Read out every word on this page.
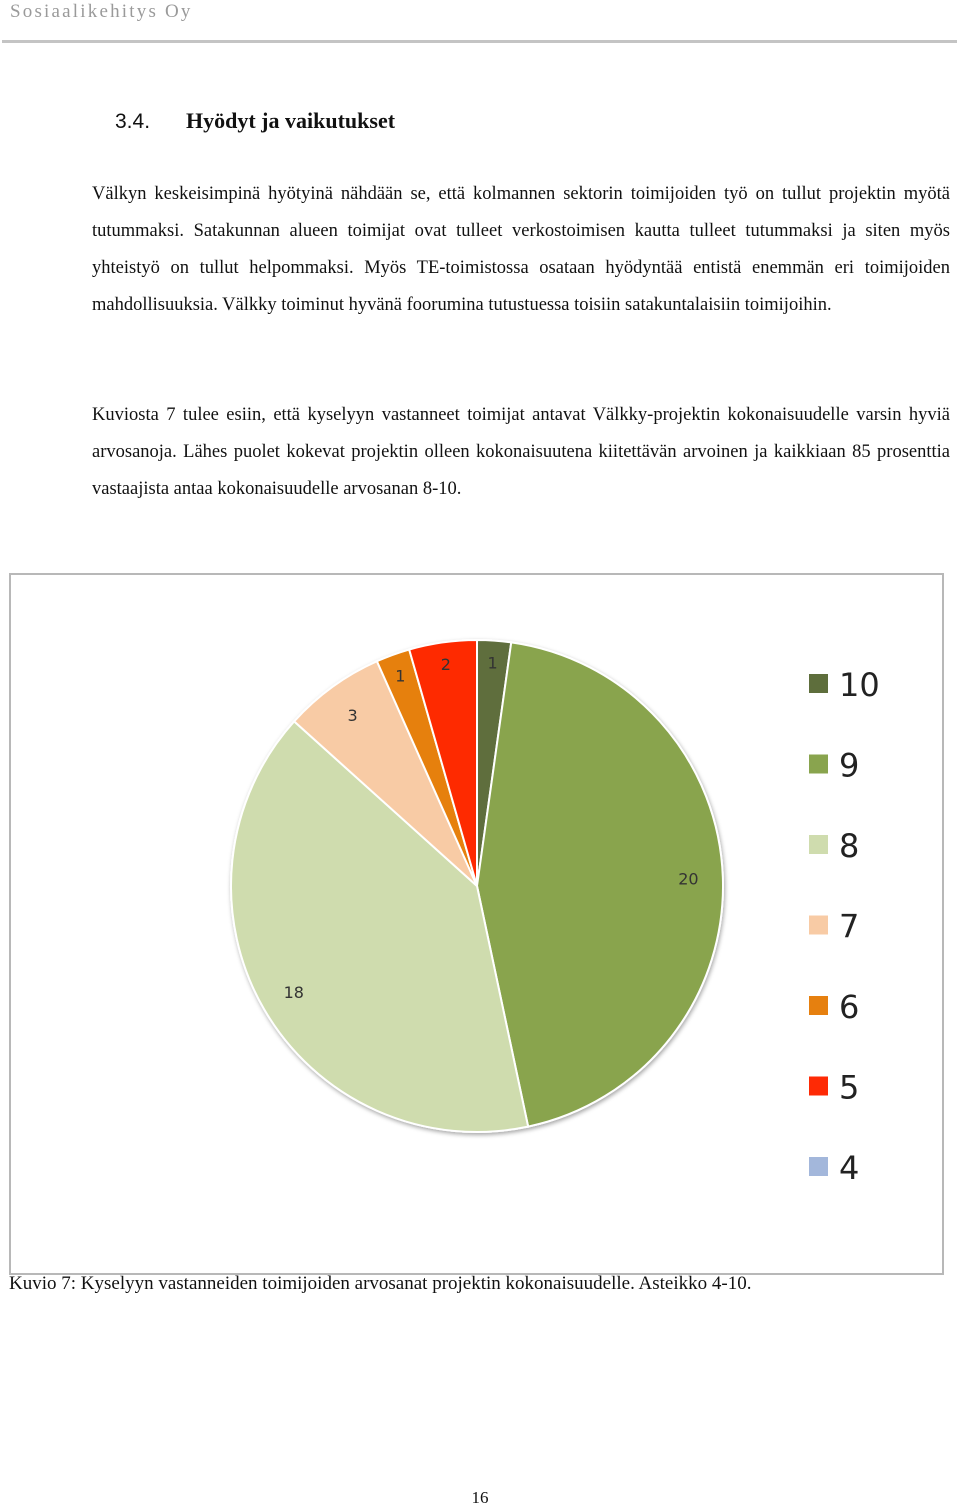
Sosiaalikehitys Oy
3.4. Hyödyt ja vaikutukset

Välkyn keskeisimpinä hyötyinä nähdään se, että kolmannen sektorin toimijoiden työ on tullut projektin myötä tutummaksi. Satakunnan alueen toimijat ovat tulleet verkostoimisen kautta tulleet tutummaksi ja siten myös yhteistyö on tullut helpommaksi. Myös TE-toimistossa osataan hyödyntää entistä enemmän eri toimijoiden mahdollisuuksia. Välkky toiminut hyvänä foorumina tutustuessa toisiin satakuntalaisiin toimijoihin.

Kuviosta 7 tulee esiin, että kyselyyn vastanneet toimijat antavat Välkky-projektin kokonaisuudelle varsin hyviä arvosanoja. Lähes puolet kokevat projektin olleen kokonaisuutena kiitettävän arvoinen ja kaikkiaan 85 prosenttia vastaajista antaa kokonaisuudelle arvosanan 8-10.

1
20
18
3
1
2
10
9
8
7
6
5
4
Kuvio 7: Kyselyyn vastanneiden toimijoiden arvosanat projektin kokonaisuudelle. Asteikko 4-10.
16
